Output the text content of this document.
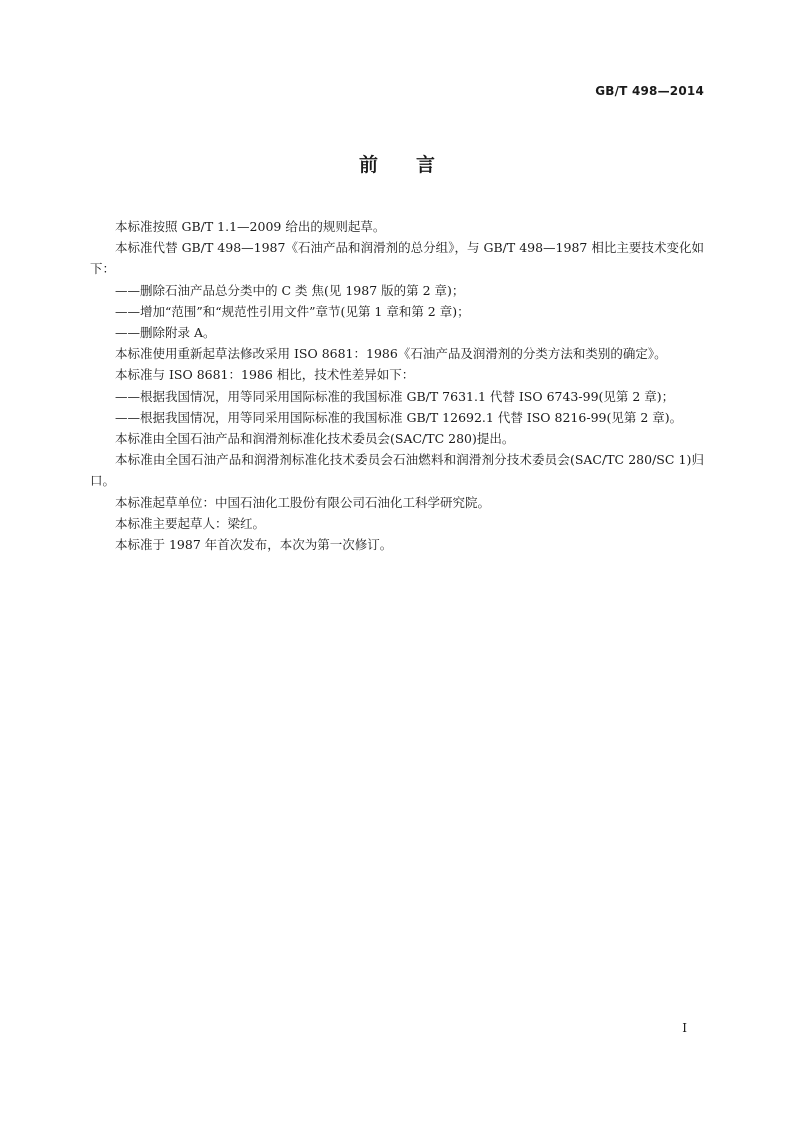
GB/T 498—2014
前言

本标准按照 GB/T 1.1—2009 给出的规则起草。

本标准代替 GB/T 498—1987《石油产品和润滑剂的总分组》，与 GB/T 498—1987 相比主要技术变化如下：

——删除石油产品总分类中的 C 类 焦(见 1987 版的第 2 章)；

——增加“范围”和“规范性引用文件”章节(见第 1 章和第 2 章)；

——删除附录 A。

本标准使用重新起草法修改采用 ISO 8681：1986《石油产品及润滑剂的分类方法和类别的确定》。

本标准与 ISO 8681：1986 相比，技术性差异如下：

——根据我国情况，用等同采用国际标准的我国标准 GB/T 7631.1 代替 ISO 6743-99(见第 2 章)；

——根据我国情况，用等同采用国际标准的我国标准 GB/T 12692.1 代替 ISO 8216-99(见第 2 章)。

本标准由全国石油产品和润滑剂标准化技术委员会(SAC/TC 280)提出。

本标准由全国石油产品和润滑剂标准化技术委员会石油燃料和润滑剂分技术委员会(SAC/TC 280/SC 1)归口。

本标准起草单位：中国石油化工股份有限公司石油化工科学研究院。

本标准主要起草人：梁红。

本标准于 1987 年首次发布，本次为第一次修订。

I
